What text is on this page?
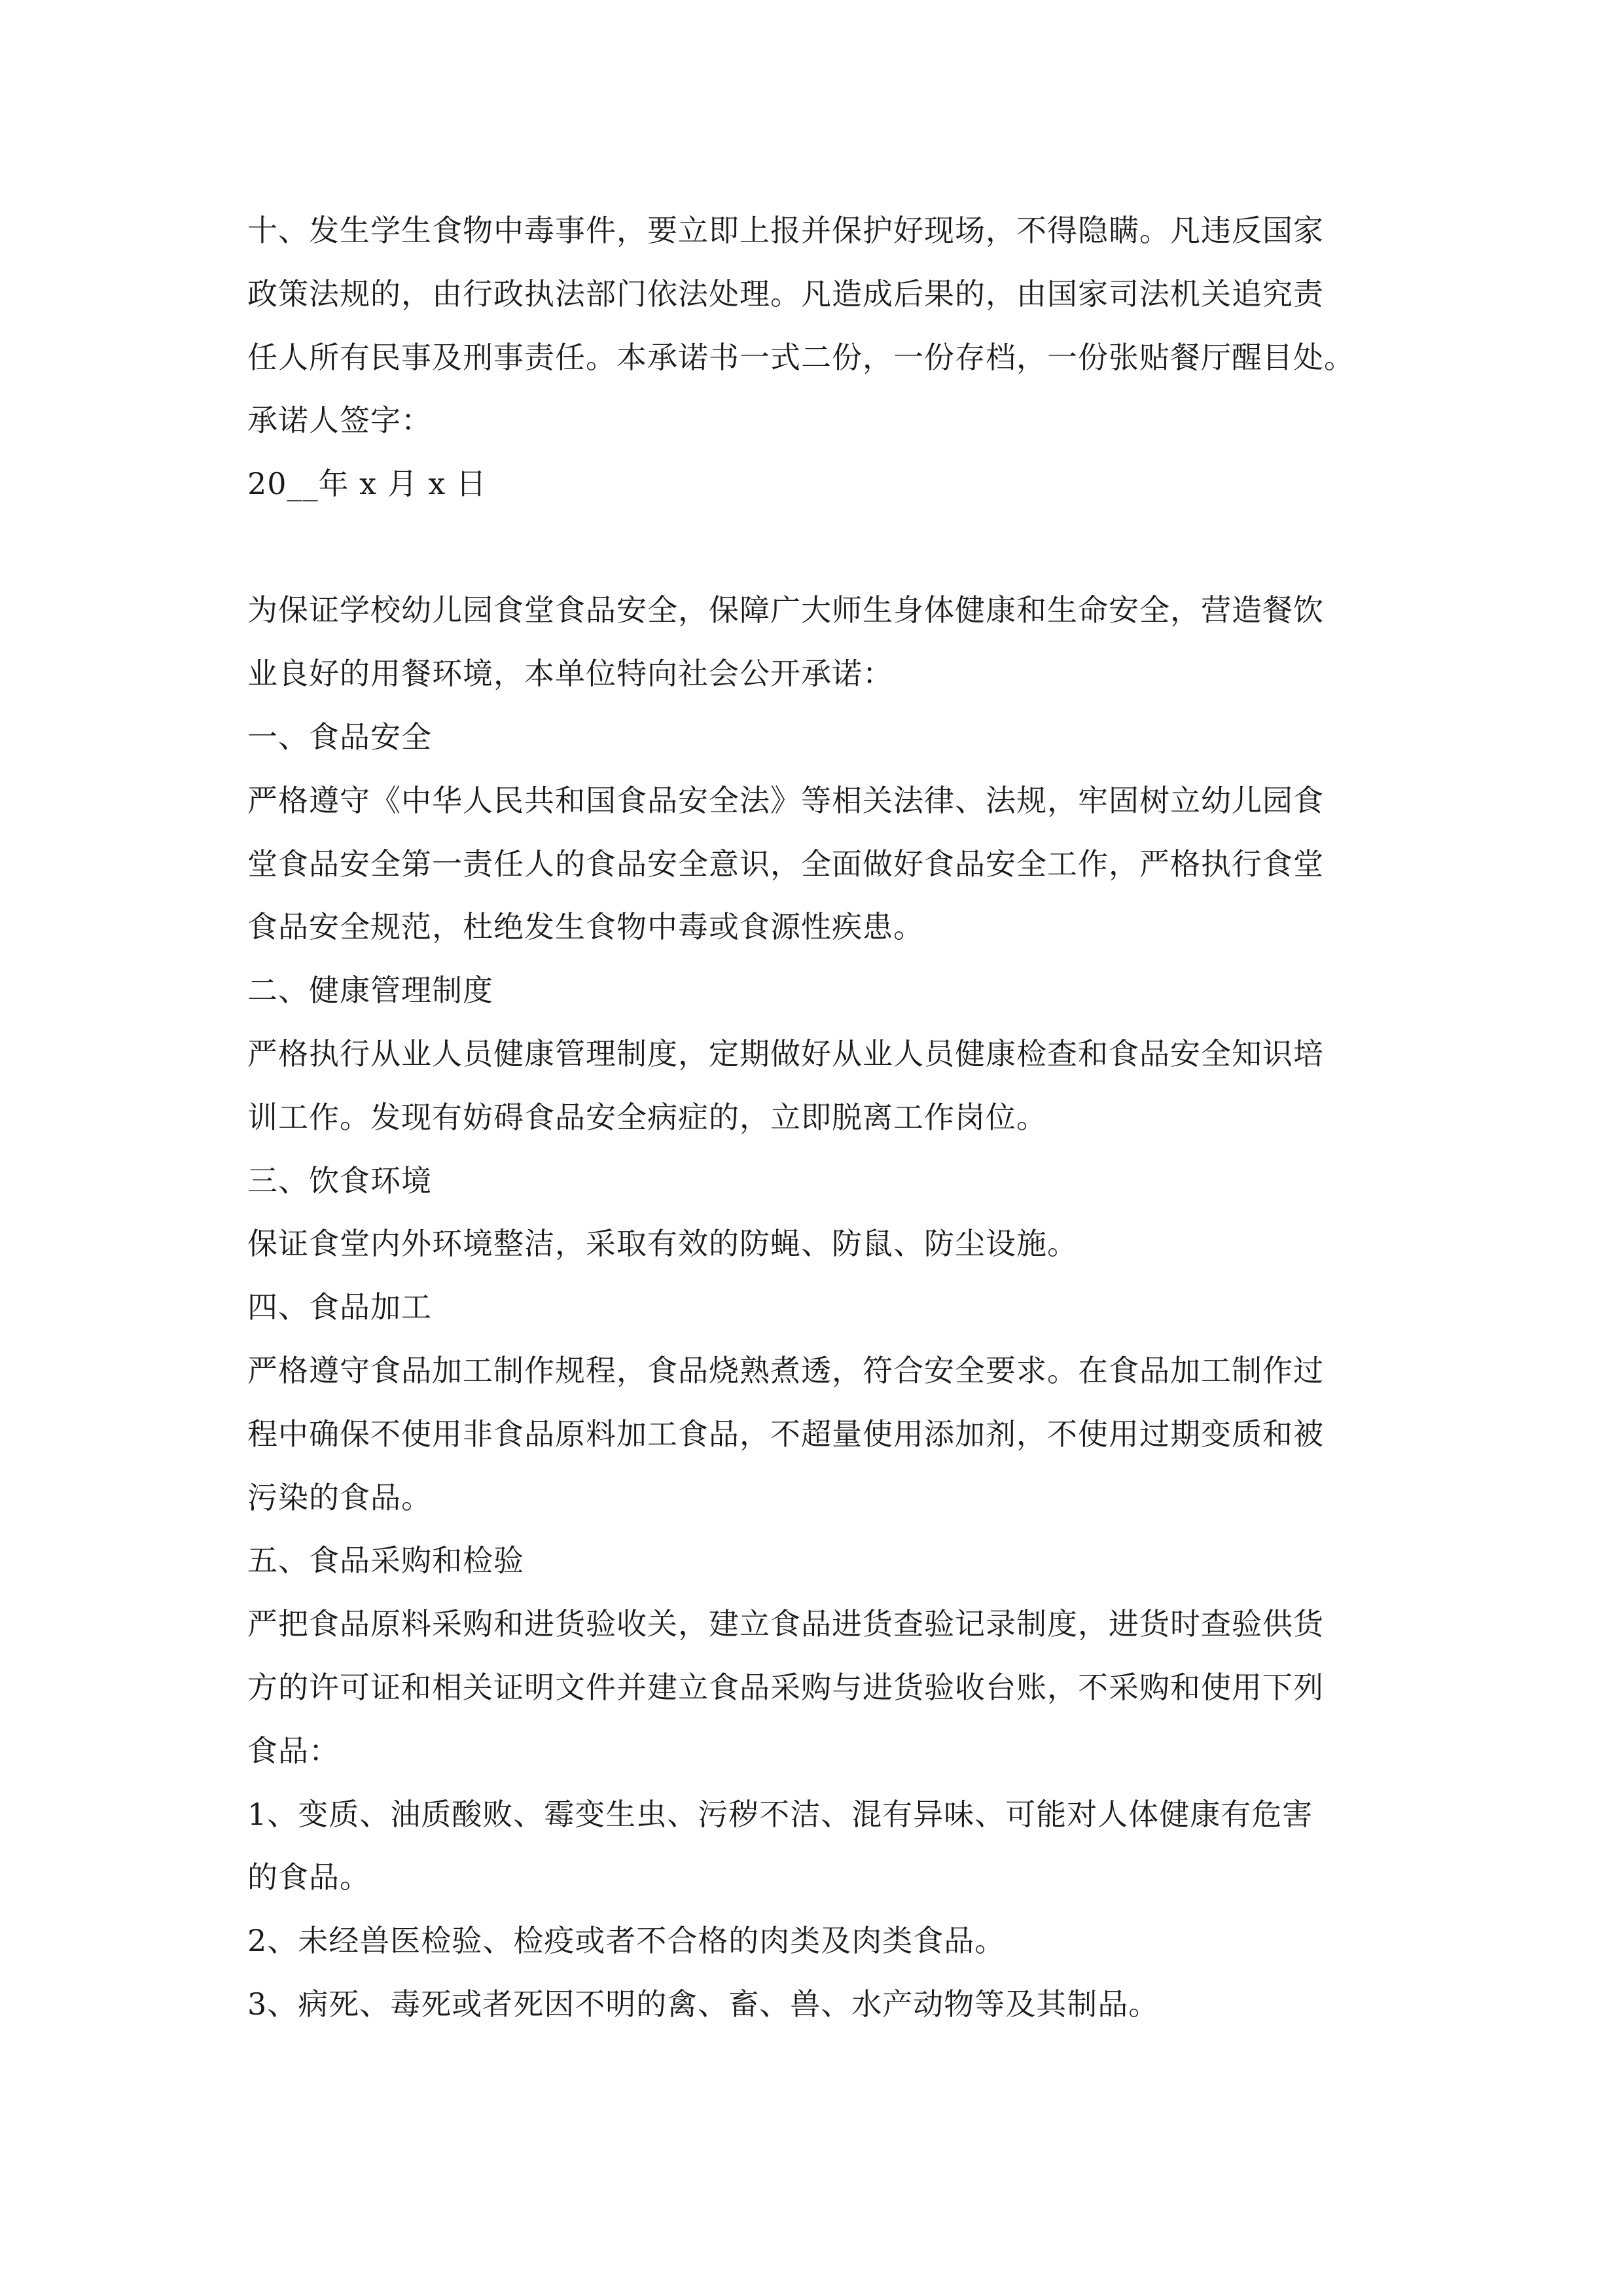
十、发生学生食物中毒事件，要立即上报并保护好现场，不得隐瞒。凡违反国家
政策法规的，由行政执法部门依法处理。凡造成后果的，由国家司法机关追究责
任人所有民事及刑事责任。本承诺书一式二份，一份存档，一份张贴餐厅醒目处。
承诺人签字：
20__年 x 月 x 日
为保证学校幼儿园食堂食品安全，保障广大师生身体健康和生命安全，营造餐饮
业良好的用餐环境，本单位特向社会公开承诺：
一、食品安全
严格遵守《中华人民共和国食品安全法》等相关法律、法规，牢固树立幼儿园食
堂食品安全第一责任人的食品安全意识，全面做好食品安全工作，严格执行食堂
食品安全规范，杜绝发生食物中毒或食源性疾患。
二、健康管理制度
严格执行从业人员健康管理制度，定期做好从业人员健康检查和食品安全知识培
训工作。发现有妨碍食品安全病症的，立即脱离工作岗位。
三、饮食环境
保证食堂内外环境整洁，采取有效的防蝇、防鼠、防尘设施。
四、食品加工
严格遵守食品加工制作规程，食品烧熟煮透，符合安全要求。在食品加工制作过
程中确保不使用非食品原料加工食品，不超量使用添加剂，不使用过期变质和被
污染的食品。
五、食品采购和检验
严把食品原料采购和进货验收关，建立食品进货查验记录制度，进货时查验供货
方的许可证和相关证明文件并建立食品采购与进货验收台账，不采购和使用下列
食品：
1、变质、油质酸败、霉变生虫、污秽不洁、混有异味、可能对人体健康有危害
的食品。
2、未经兽医检验、检疫或者不合格的肉类及肉类食品。
3、病死、毒死或者死因不明的禽、畜、兽、水产动物等及其制品。
